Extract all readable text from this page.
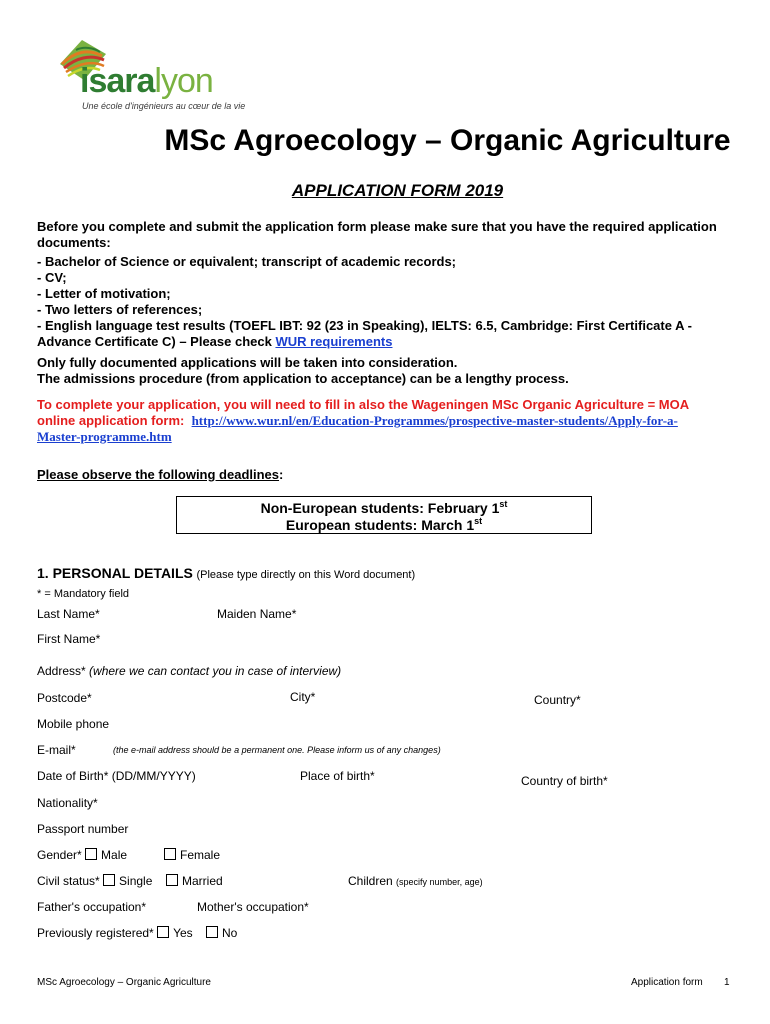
isaralyon
Une école d'ingénieurs au cœur de la vie
MSc Agroecology – Organic Agriculture
APPLICATION FORM 2019
Before you complete and submit the application form please make sure that you have the required application documents:
- Bachelor of Science or equivalent; transcript of academic records;
- CV;
- Letter of motivation;
- Two letters of references;
- English language test results (TOEFL IBT: 92 (23 in Speaking), IELTS: 6.5, Cambridge: First Certificate A -
Advance Certificate C) – Please check WUR requirements
Only fully documented applications will be taken into consideration.
The admissions procedure (from application to acceptance) can be a lengthy process.
To complete your application, you will need to fill in also the Wageningen MSc Organic Agriculture = MOA
online application form: http://www.wur.nl/en/Education-Programmes/prospective-master-students/Apply-for-a-
Master-programme.htm
Please observe the following deadlines:
Non-European students: February 1st
European students: March 1st
1. PERSONAL DETAILS (Please type directly on this Word document)
* = Mandatory field
Last Name*	Maiden Name*
First Name*
Address* (where we can contact you in case of interview)
Postcode*	City*	Country*
Mobile phone
E-mail*	(the e-mail address should be a permanent one. Please inform us of any changes)
Date of Birth* (DD/MM/YYYY)	Place of birth*	Country of birth*
Nationality*
Passport number
Gender* Male	Female
Civil status* Single	Married	Children (specify number, age)
Father's occupation*	Mother's occupation*
Previously registered* Yes	No
MSc Agroecology – Organic Agriculture	Application form 1
